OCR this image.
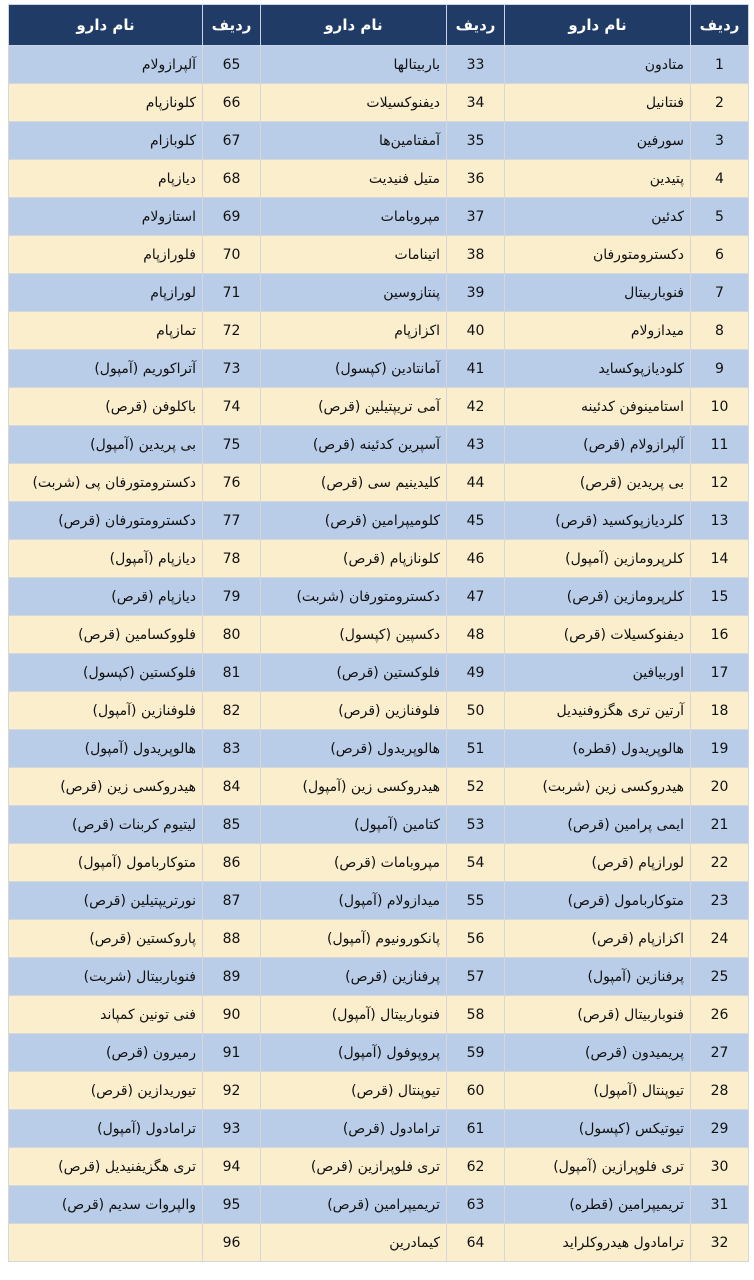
ردیف	نام دارو	ردیف	نام دارو	ردیف	نام دارو
1	متادون	33	باربیتالها	65	آلپرازولام
2	فنتانیل	34	دیفنوکسیلات	66	کلونازپام
3	سورفین	35	آمفتامین‌ها	67	کلوبازام
4	پتیدین	36	متیل فنیدیت	68	دیازپام
5	کدئین	37	مپروبامات	69	استازولام
6	دکسترومتورفان	38	اتینامات	70	فلورازپام
7	فنوباربیتال	39	پنتازوسین	71	لورازپام
8	میدازولام	40	اکزازپام	72	تمازپام
9	کلودیازپوکساید	41	آمانتادین (کپسول)	73	آتراکوریم (آمپول)
10	استامینوفن کدئینه	42	آمی تریپتیلین (قرص)	74	باکلوفن (قرص)
11	آلپرازولام (قرص)	43	آسپرین کدئینه (قرص)	75	بی پریدین (آمپول)
12	بی پریدین (قرص)	44	کلیدینیم سی (قرص)	76	دکسترومتورفان پی (شربت)
13	کلردیازپوکسید (قرص)	45	کلومیپرامین (قرص)	77	دکسترومتورفان (قرص)
14	کلرپرومازین (آمپول)	46	کلونازپام (قرص)	78	دیازپام (آمپول)
15	کلرپرومازین (قرص)	47	دکسترومتورفان (شربت)	79	دیازپام (قرص)
16	دیفنوکسیلات (قرص)	48	دکسپین (کپسول)	80	فلووکسامین (قرص)
17	اوربیافین	49	فلوکستین (قرص)	81	فلوکستین (کپسول)
18	آرتین تری هگزوفنیدیل	50	فلوفنازین (قرص)	82	فلوفنازین (آمپول)
19	هالوپریدول (قطره)	51	هالوپریدول (قرص)	83	هالوپریدول (آمپول)
20	هیدروکسی زین (شربت)	52	هیدروکسی زین (آمپول)	84	هیدروکسی زین (قرص)
21	ایمی پرامین (قرص)	53	کتامین (آمپول)	85	لیتیوم کربنات (قرص)
22	لورازپام (قرص)	54	مپروبامات (قرص)	86	متوکاربامول (آمپول)
23	متوکاربامول (قرص)	55	میدازولام (آمپول)	87	نورتریپتیلین (قرص)
24	اکزازپام (قرص)	56	پانکورونیوم (آمپول)	88	پاروکستین (قرص)
25	پرفنازین (آمپول)	57	پرفنازین (قرص)	89	فنوباربیتال (شربت)
26	فنوباربیتال (قرص)	58	فنوباربیتال (آمپول)	90	فنی تونین کمپاند
27	پریمیدون (قرص)	59	پروپوفول (آمپول)	91	رمیرون (قرص)
28	تیوپنتال (آمپول)	60	تیوپنتال (قرص)	92	تیوریدازین (قرص)
29	تیوتیکس (کپسول)	61	ترامادول (قرص)	93	ترامادول (آمپول)
30	تری فلوپرازین (آمپول)	62	تری فلوپرازین (قرص)	94	تری هگزیفنیدیل (قرص)
31	تریمیپرامین (قطره)	63	تریمیپرامین (قرص)	95	والپروات سدیم (قرص)
32	ترامادول هیدروکلراید	64	کیمادرین	96	
